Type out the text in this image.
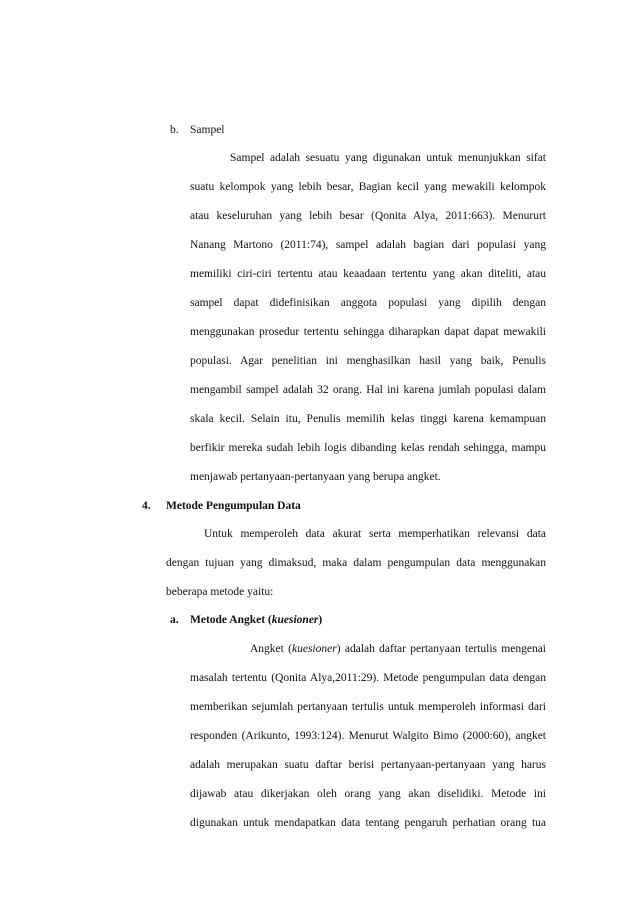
b. Sampel
Sampel adalah sesuatu yang digunakan untuk menunjukkan sifat
suatu kelompok yang lebih besar, Bagian kecil yang mewakili kelompok
atau keseluruhan yang lebih besar (Qonita Alya, 2011:663). Menururt
Nanang Martono (2011:74), sampel adalah bagian dari populasi yang
memiliki ciri-ciri tertentu atau keaadaan tertentu yang akan diteliti, atau
sampel dapat didefinisikan anggota populasi yang dipilih dengan
menggunakan prosedur tertentu sehingga diharapkan dapat dapat mewakili
populasi. Agar penelitian ini menghasilkan hasil yang baik, Penulis
mengambil sampel adalah 32 orang. Hal ini karena jumlah populasi dalam
skala kecil. Selain itu, Penulis memilih kelas tinggi karena kemampuan
berfikir mereka sudah lebih logis dibanding kelas rendah sehingga, mampu
menjawab pertanyaan-pertanyaan yang berupa angket.
4. Metode Pengumpulan Data
Untuk memperoleh data akurat serta memperhatikan relevansi data
dengan tujuan yang dimaksud, maka dalam pengumpulan data menggunakan
beberapa metode yaitu:
a. Metode Angket (kuesioner)
Angket (kuesioner) adalah daftar pertanyaan tertulis mengenai
masalah tertentu (Qonita Alya,2011:29). Metode pengumpulan data dengan
memberikan sejumlah pertanyaan tertulis untuk memperoleh informasi dari
responden (Arikunto, 1993:124). Menurut Walgito Bimo (2000:60), angket
adalah merupakan suatu daftar berisi pertanyaan-pertanyaan yang harus
dijawab atau dikerjakan oleh orang yang akan diselidiki. Metode ini
digunakan untuk mendapatkan data tentang pengaruh perhatian orang tua
